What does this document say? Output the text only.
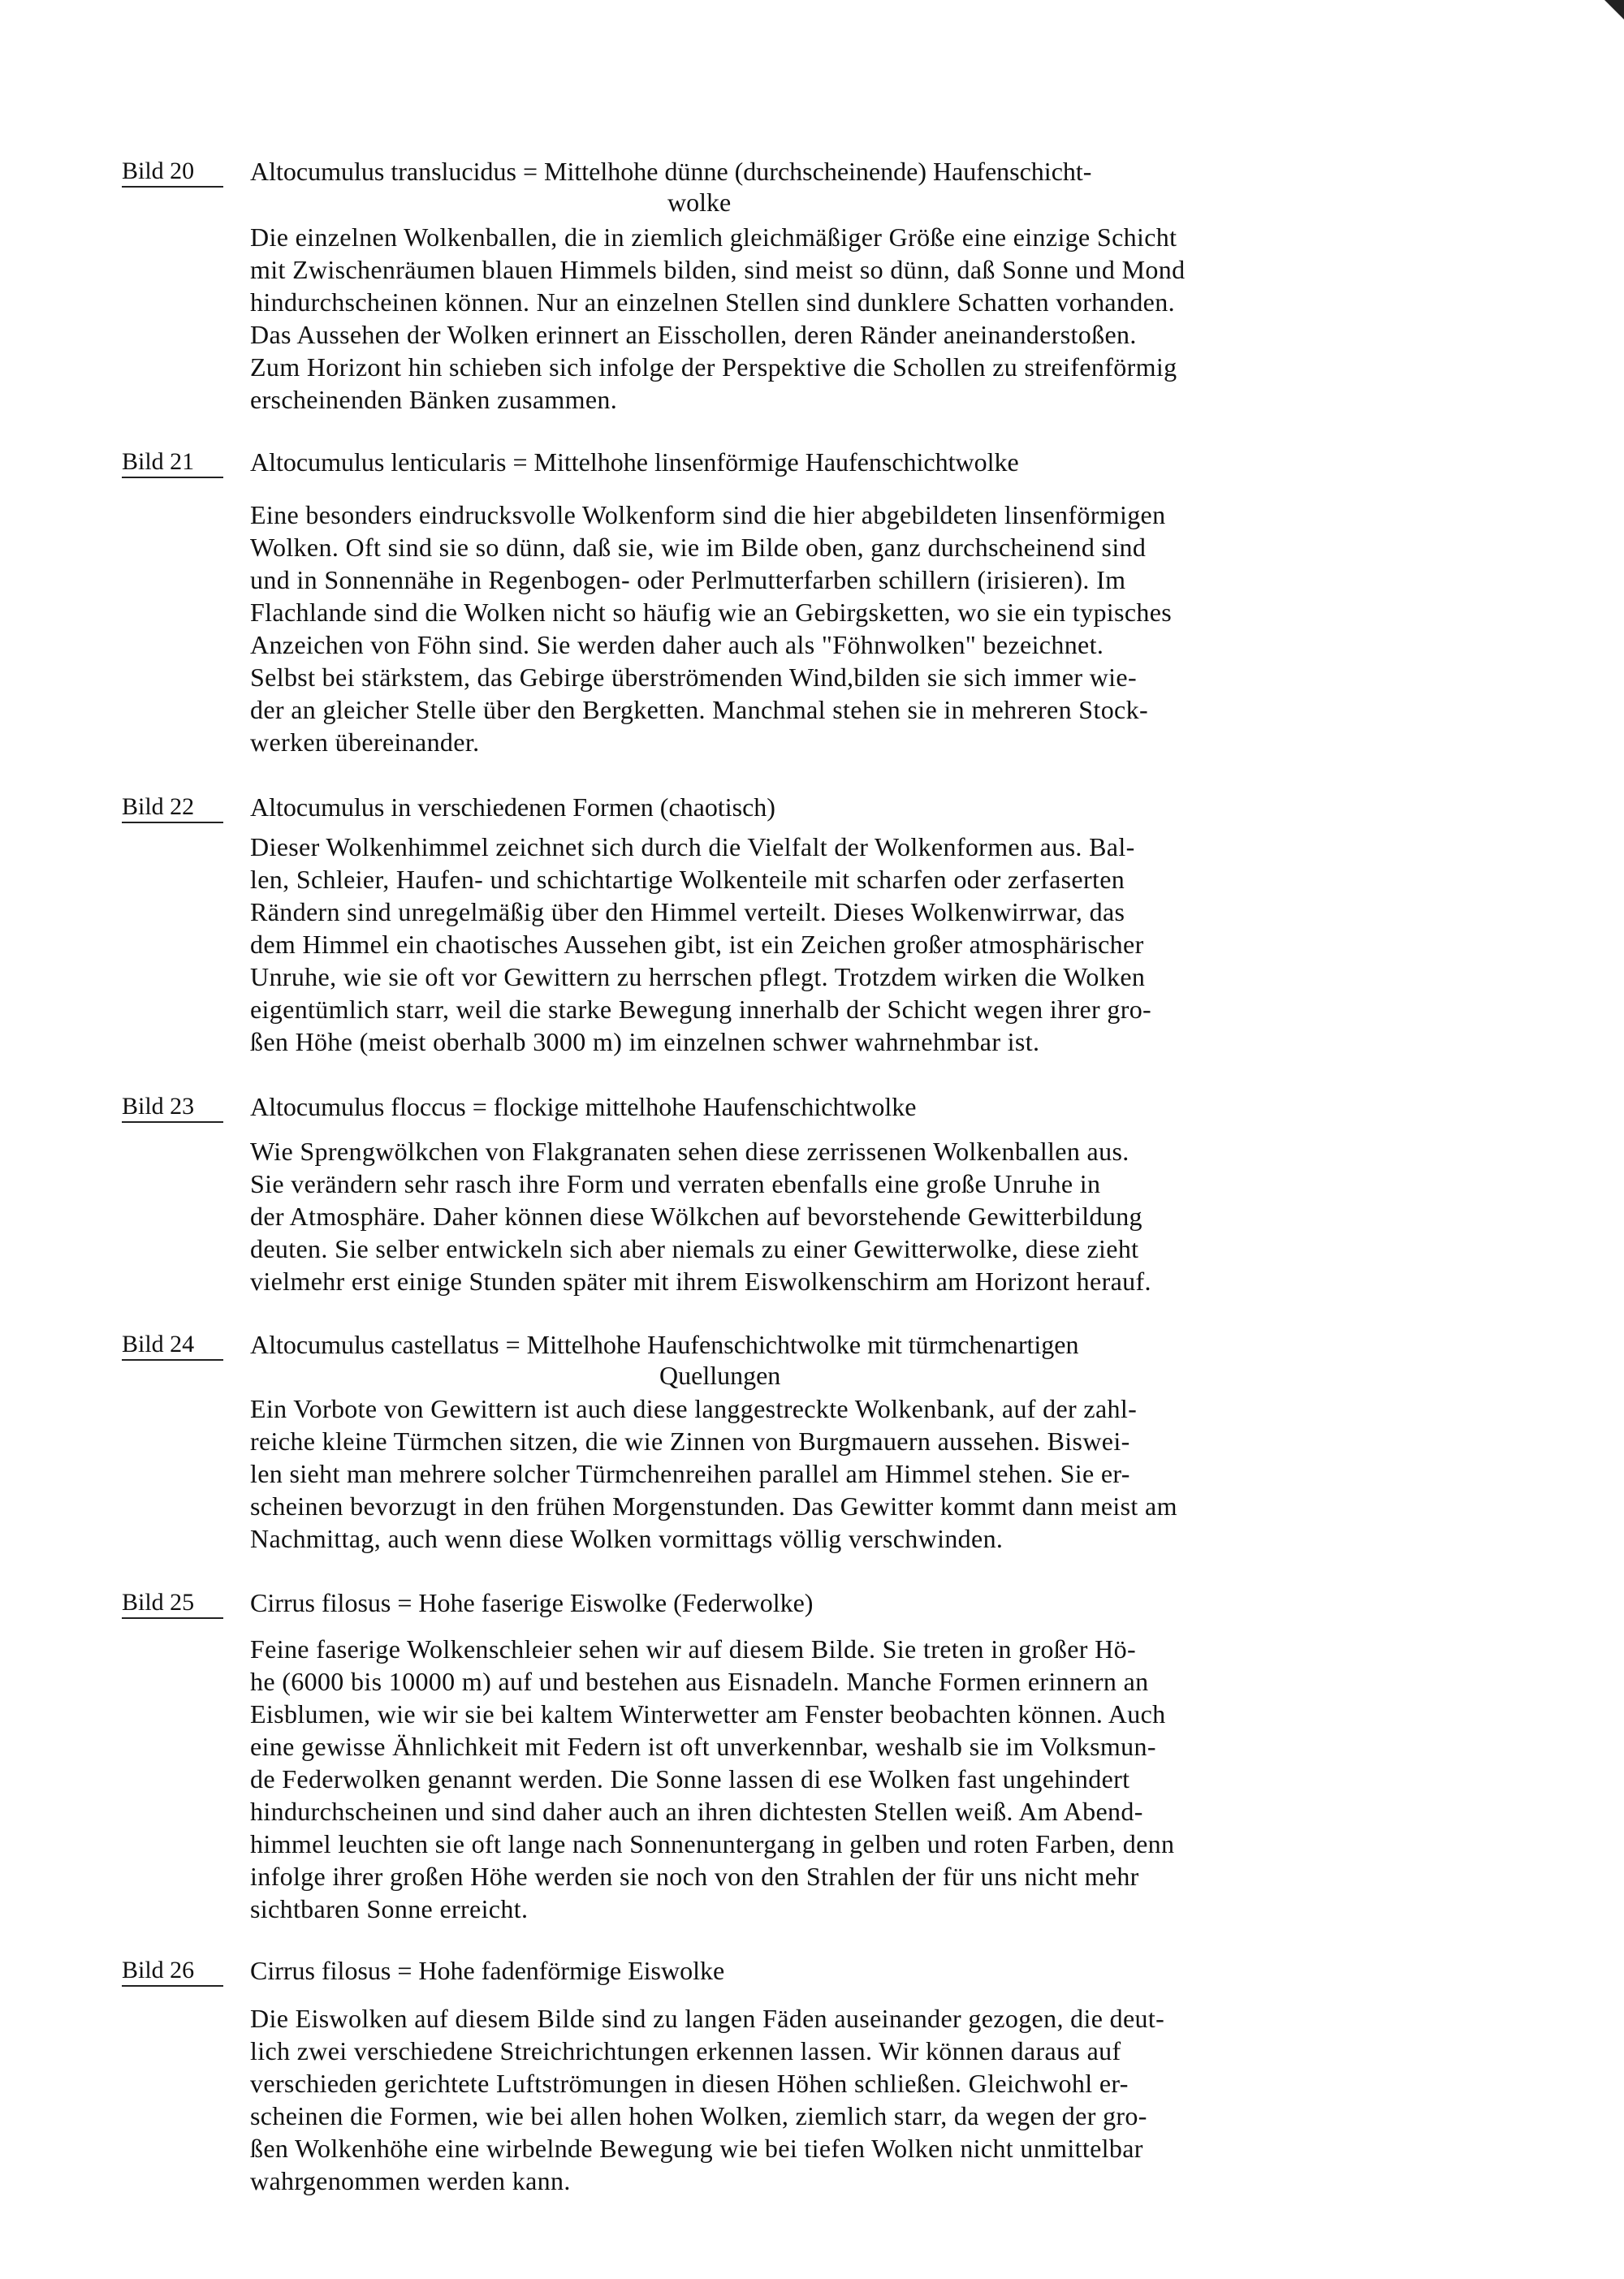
Bild 20	Altocumulus translucidus = Mittelhohe dünne (durchscheinende) Haufenschicht-
wolke
Die einzelnen Wolkenballen, die in ziemlich gleichmäßiger Größe eine einzige Schicht
mit Zwischenräumen blauen Himmels bilden, sind meist so dünn, daß Sonne und Mond
hindurchscheinen können. Nur an einzelnen Stellen sind dunklere Schatten vorhanden.
Das Aussehen der Wolken erinnert an Eisschollen, deren Ränder aneinanderstoßen.
Zum Horizont hin schieben sich infolge der Perspektive die Schollen zu streifenförmig
erscheinenden Bänken zusammen.
Bild 21	Altocumulus lenticularis = Mittelhohe linsenförmige Haufenschichtwolke
Eine besonders eindrucksvolle Wolkenform sind die hier abgebildeten linsenförmigen
Wolken. Oft sind sie so dünn, daß sie, wie im Bilde oben, ganz durchscheinend sind
und in Sonnennähe in Regenbogen- oder Perlmutterfarben schillern (irisieren). Im
Flachlande sind die Wolken nicht so häufig wie an Gebirgsketten, wo sie ein typisches
Anzeichen von Föhn sind. Sie werden daher auch als "Föhnwolken" bezeichnet.
Selbst bei stärkstem, das Gebirge überströmenden Wind,bilden sie sich immer wie-
der an gleicher Stelle über den Bergketten. Manchmal stehen sie in mehreren Stock-
werken übereinander.
Bild 22	Altocumulus in verschiedenen Formen (chaotisch)
Dieser Wolkenhimmel zeichnet sich durch die Vielfalt der Wolkenformen aus. Bal-
len, Schleier, Haufen- und schichtartige Wolkenteile mit scharfen oder zerfaserten
Rändern sind unregelmäßig über den Himmel verteilt. Dieses Wolkenwirrwar, das
dem Himmel ein chaotisches Aussehen gibt, ist ein Zeichen großer atmosphärischer
Unruhe, wie sie oft vor Gewittern zu herrschen pflegt. Trotzdem wirken die Wolken
eigentümlich starr, weil die starke Bewegung innerhalb der Schicht wegen ihrer gro-
ßen Höhe (meist oberhalb 3000 m) im einzelnen schwer wahrnehmbar ist.
Bild 23	Altocumulus floccus = flockige mittelhohe Haufenschichtwolke
Wie Sprengwölkchen von Flakgranaten sehen diese zerrissenen Wolkenballen aus.
Sie verändern sehr rasch ihre Form und verraten ebenfalls eine große Unruhe in
der Atmosphäre. Daher können diese Wölkchen auf bevorstehende Gewitterbildung
deuten. Sie selber entwickeln sich aber niemals zu einer Gewitterwolke, diese zieht
vielmehr erst einige Stunden später mit ihrem Eiswolkenschirm am Horizont herauf.
Bild 24	Altocumulus castellatus = Mittelhohe Haufenschichtwolke mit türmchenartigen
Quellungen
Ein Vorbote von Gewittern ist auch diese langgestreckte Wolkenbank, auf der zahl-
reiche kleine Türmchen sitzen, die wie Zinnen von Burgmauern aussehen. Biswei-
len sieht man mehrere solcher Türmchenreihen parallel am Himmel stehen. Sie er-
scheinen bevorzugt in den frühen Morgenstunden. Das Gewitter kommt dann meist am
Nachmittag, auch wenn diese Wolken vormittags völlig verschwinden.
Bild 25	Cirrus filosus = Hohe faserige Eiswolke (Federwolke)
Feine faserige Wolkenschleier sehen wir auf diesem Bilde. Sie treten in großer Hö-
he (6000 bis 10000 m) auf und bestehen aus Eisnadeln. Manche Formen erinnern an
Eisblumen, wie wir sie bei kaltem Winterwetter am Fenster beobachten können. Auch
eine gewisse Ähnlichkeit mit Federn ist oft unverkennbar, weshalb sie im Volksmun-
de Federwolken genannt werden. Die Sonne lassen di ese Wolken fast ungehindert
hindurchscheinen und sind daher auch an ihren dichtesten Stellen weiß. Am Abend-
himmel leuchten sie oft lange nach Sonnenuntergang in gelben und roten Farben, denn
infolge ihrer großen Höhe werden sie noch von den Strahlen der für uns nicht mehr
sichtbaren Sonne erreicht.
Bild 26	Cirrus filosus = Hohe fadenförmige Eiswolke
Die Eiswolken auf diesem Bilde sind zu langen Fäden auseinander gezogen, die deut-
lich zwei verschiedene Streichrichtungen erkennen lassen. Wir können daraus auf
verschieden gerichtete Luftströmungen in diesen Höhen schließen. Gleichwohl er-
scheinen die Formen, wie bei allen hohen Wolken, ziemlich starr, da wegen der gro-
ßen Wolkenhöhe eine wirbelnde Bewegung wie bei tiefen Wolken nicht unmittelbar
wahrgenommen werden kann.
